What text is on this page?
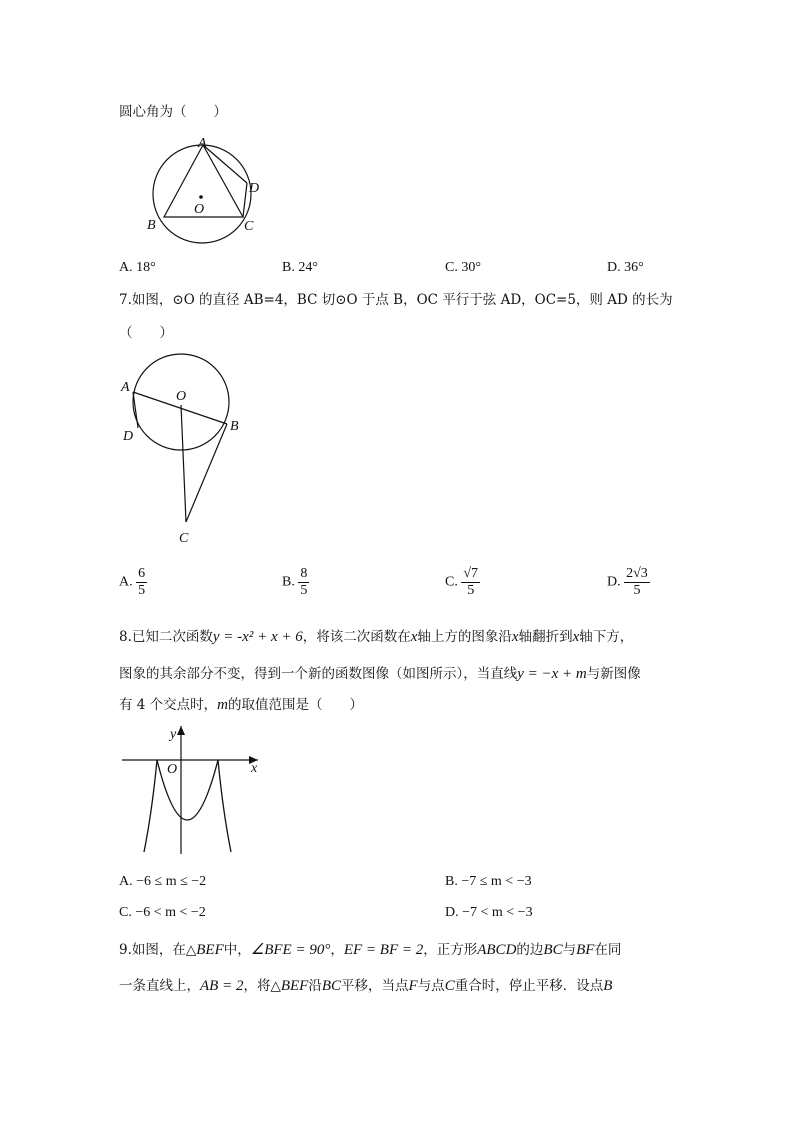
圆心角为（　　）
A
D
O
B	C
A. 18°	B. 24°	C. 30°	D. 36°
7.如图，⊙O 的直径 AB=4，BC 切⊙O 于点 B，OC 平行于弦 AD，OC=5，则 AD 的长为
（　　）
A
O
B
D
C
A. $\frac{6}{5}$	B. $\frac{8}{5}$	C. $\frac{√7}{5}$	D. $\frac{2√3}{5}$
8.已知二次函数y = -x² + x + 6，将该二次函数在x轴上方的图象沿x轴翻折到x轴下方，
图象的其余部分不变，得到一个新的函数图像（如图所示），当直线y = −x + m与新图像
有 4 个交点时，m的取值范围是（　　）
y
O	x
A. −6 ≤ m ≤ −2	B. −7 ≤ m < −3
C. −6 < m < −2	D. −7 < m < −3
9.如图，在△BEF中，∠BFE = 90°，EF = BF = 2，正方形ABCD的边BC与BF在同
一条直线上，AB = 2，将△BEF沿BC平移，当点F与点C重合时，停止平移．设点B
